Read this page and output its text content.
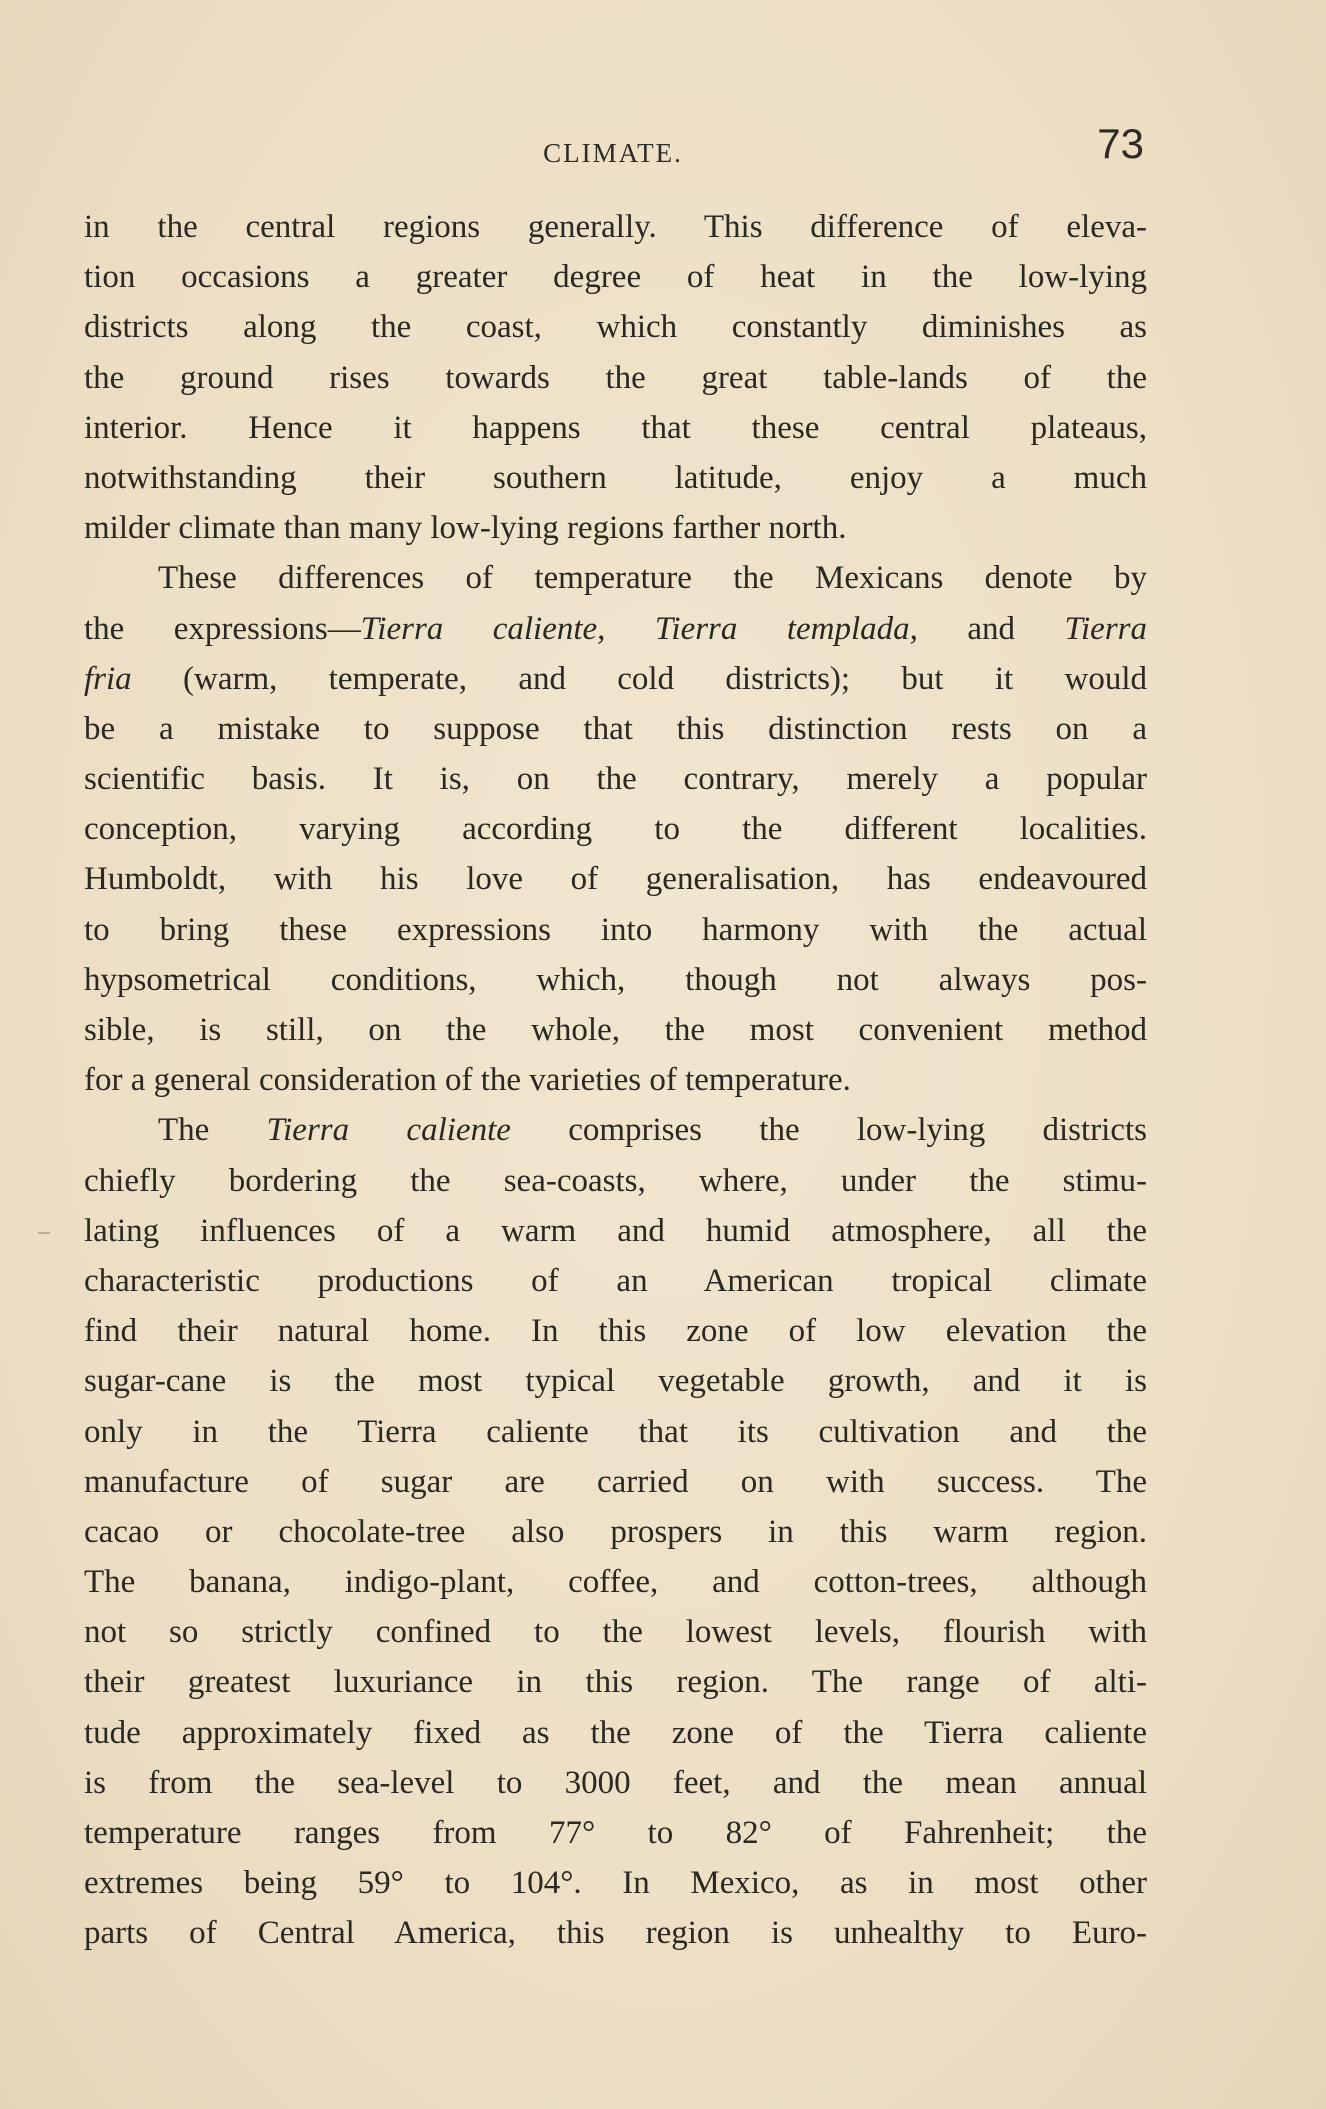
CLIMATE.	73
in the central regions generally. This difference of eleva-
tion occasions a greater degree of heat in the low-lying
districts along the coast, which constantly diminishes as
the ground rises towards the great table-lands of the
interior. Hence it happens that these central plateaus,
notwithstanding their southern latitude, enjoy a much
milder climate than many low-lying regions farther north.
These differences of temperature the Mexicans denote by
the expressions—Tierra caliente, Tierra templada, and Tierra
fria (warm, temperate, and cold districts); but it would
be a mistake to suppose that this distinction rests on a
scientific basis. It is, on the contrary, merely a popular
conception, varying according to the different localities.
Humboldt, with his love of generalisation, has endeavoured
to bring these expressions into harmony with the actual
hypsometrical conditions, which, though not always pos-
sible, is still, on the whole, the most convenient method
for a general consideration of the varieties of temperature.
The Tierra caliente comprises the low-lying districts
chiefly bordering the sea-coasts, where, under the stimu-
lating influences of a warm and humid atmosphere, all the
characteristic productions of an American tropical climate
find their natural home. In this zone of low elevation the
sugar-cane is the most typical vegetable growth, and it is
only in the Tierra caliente that its cultivation and the
manufacture of sugar are carried on with success. The
cacao or chocolate-tree also prospers in this warm region.
The banana, indigo-plant, coffee, and cotton-trees, although
not so strictly confined to the lowest levels, flourish with
their greatest luxuriance in this region. The range of alti-
tude approximately fixed as the zone of the Tierra caliente
is from the sea-level to 3000 feet, and the mean annual
temperature ranges from 77° to 82° of Fahrenheit; the
extremes being 59° to 104°. In Mexico, as in most other
parts of Central America, this region is unhealthy to Euro-
